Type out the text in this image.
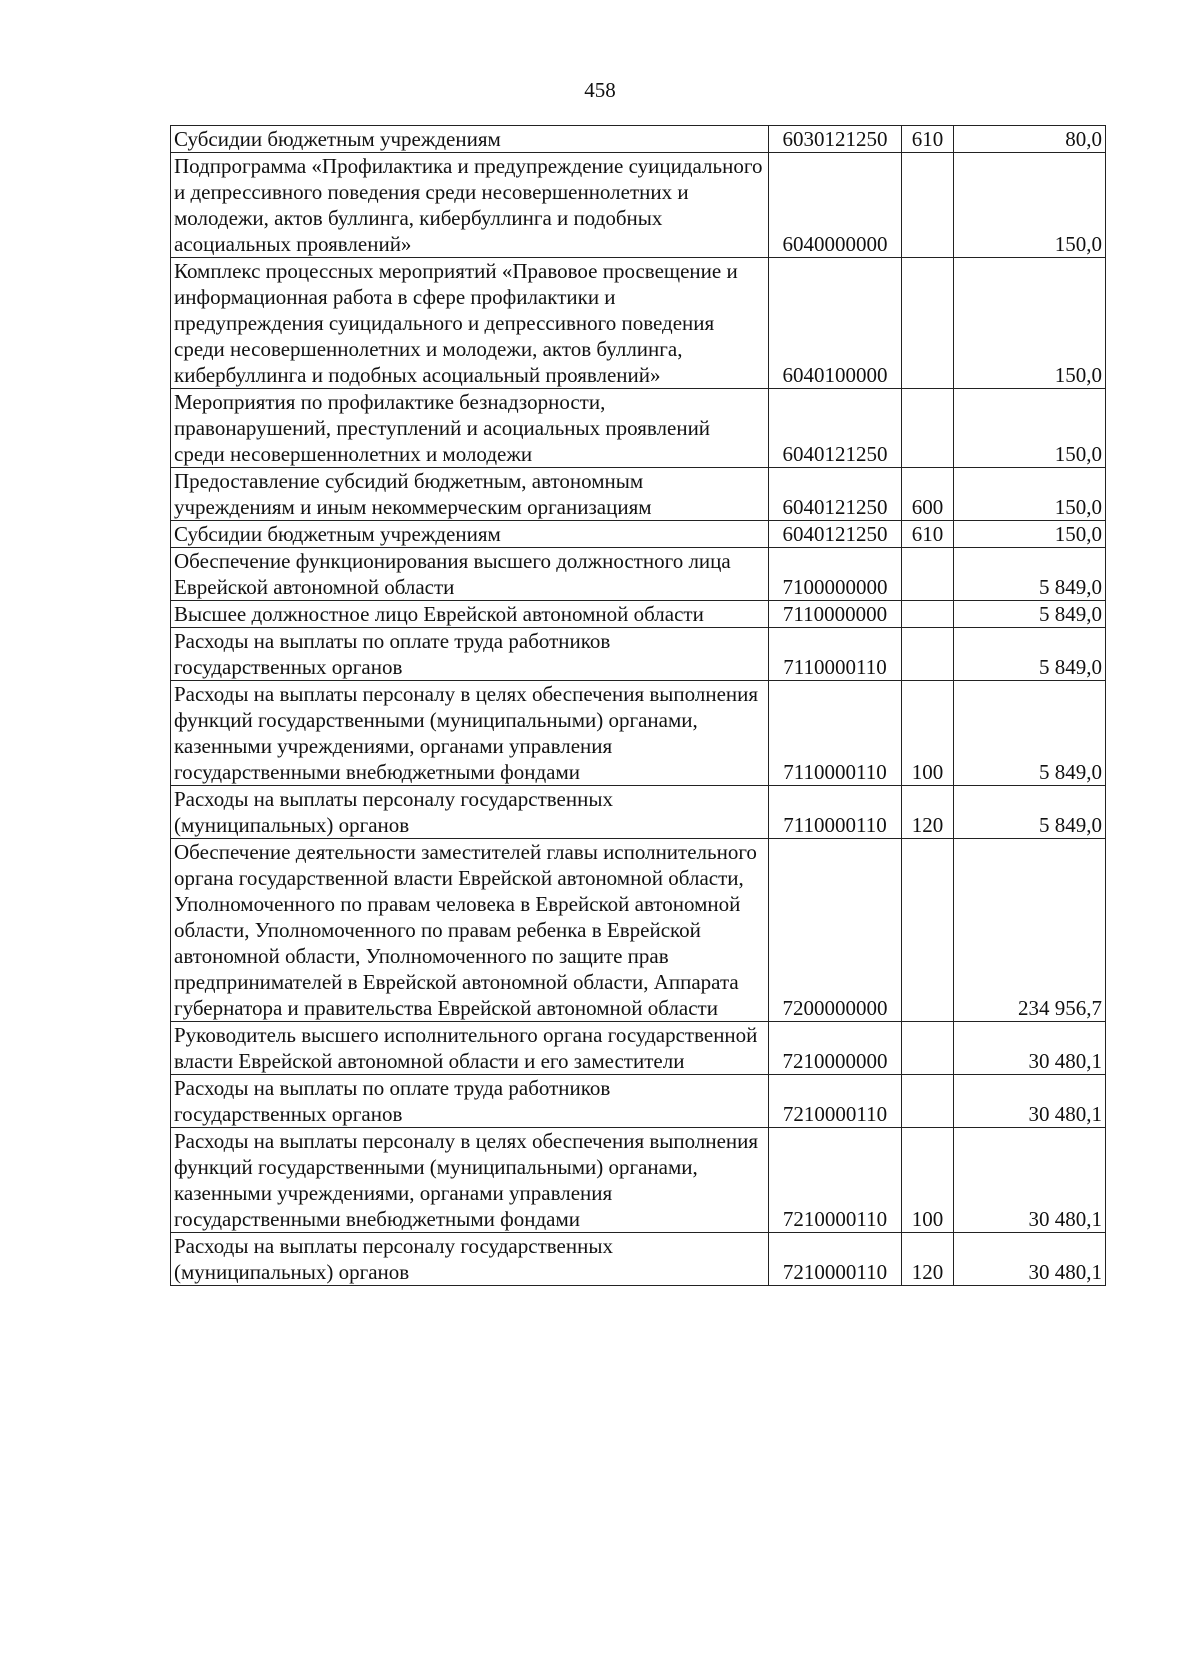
458
Субсидии бюджетным учреждениям	6030121250	610	80,0
Подпрограмма «Профилактика и предупреждение суицидального и депрессивного поведения среди несовершеннолетних и молодежи, актов буллинга, кибербуллинга и подобных асоциальных проявлений»	6040000000		150,0
Комплекс процессных мероприятий «Правовое просвещение и информационная работа в сфере профилактики и предупреждения суицидального и депрессивного поведения среди несовершеннолетних и молодежи, актов буллинга, кибербуллинга и подобных асоциальный проявлений»	6040100000		150,0
Мероприятия по профилактике безнадзорности, правонарушений, преступлений и асоциальных проявлений среди несовершеннолетних и молодежи	6040121250		150,0
Предоставление субсидий бюджетным, автономным учреждениям и иным некоммерческим организациям	6040121250	600	150,0
Субсидии бюджетным учреждениям	6040121250	610	150,0
Обеспечение функционирования высшего должностного лица Еврейской автономной области	7100000000		5 849,0
Высшее должностное лицо Еврейской автономной области	7110000000		5 849,0
Расходы на выплаты по оплате труда работников государственных органов	7110000110		5 849,0
Расходы на выплаты персоналу в целях обеспечения выполнения функций государственными (муниципальными) органами, казенными учреждениями, органами управления государственными внебюджетными фондами	7110000110	100	5 849,0
Расходы на выплаты персоналу государственных (муниципальных) органов	7110000110	120	5 849,0
Обеспечение деятельности заместителей главы исполнительного органа государственной власти Еврейской автономной области, Уполномоченного по правам человека в Еврейской автономной области, Уполномоченного по правам ребенка в Еврейской автономной области, Уполномоченного по защите прав предпринимателей в Еврейской автономной области, Аппарата губернатора и правительства Еврейской автономной области	7200000000		234 956,7
Руководитель высшего исполнительного органа государственной власти Еврейской автономной области и его заместители	7210000000		30 480,1
Расходы на выплаты по оплате труда работников государственных органов	7210000110		30 480,1
Расходы на выплаты персоналу в целях обеспечения выполнения функций государственными (муниципальными) органами, казенными учреждениями, органами управления государственными внебюджетными фондами	7210000110	100	30 480,1
Расходы на выплаты персоналу государственных (муниципальных) органов	7210000110	120	30 480,1
